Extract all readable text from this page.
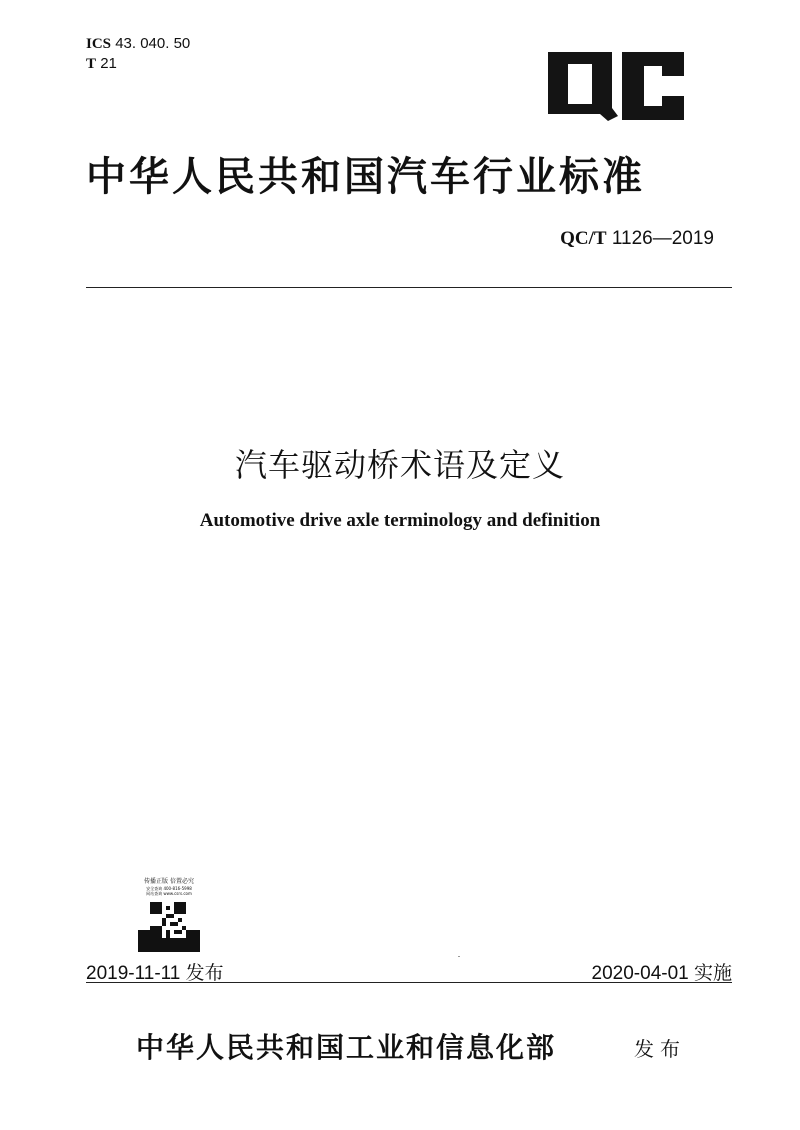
ICS 43. 040. 50
T 21
中华人民共和国汽车行业标准
QC/T 1126—2019
汽车驱动桥术语及定义
Automotive drive axle terminology and definition
传播正版 倍置必究
安全查询 400-816-5998
网站查询 www.csrs.com
2019-11-11 发布	2020-04-01 实施
中华人民共和国工业和信息化部	发布
